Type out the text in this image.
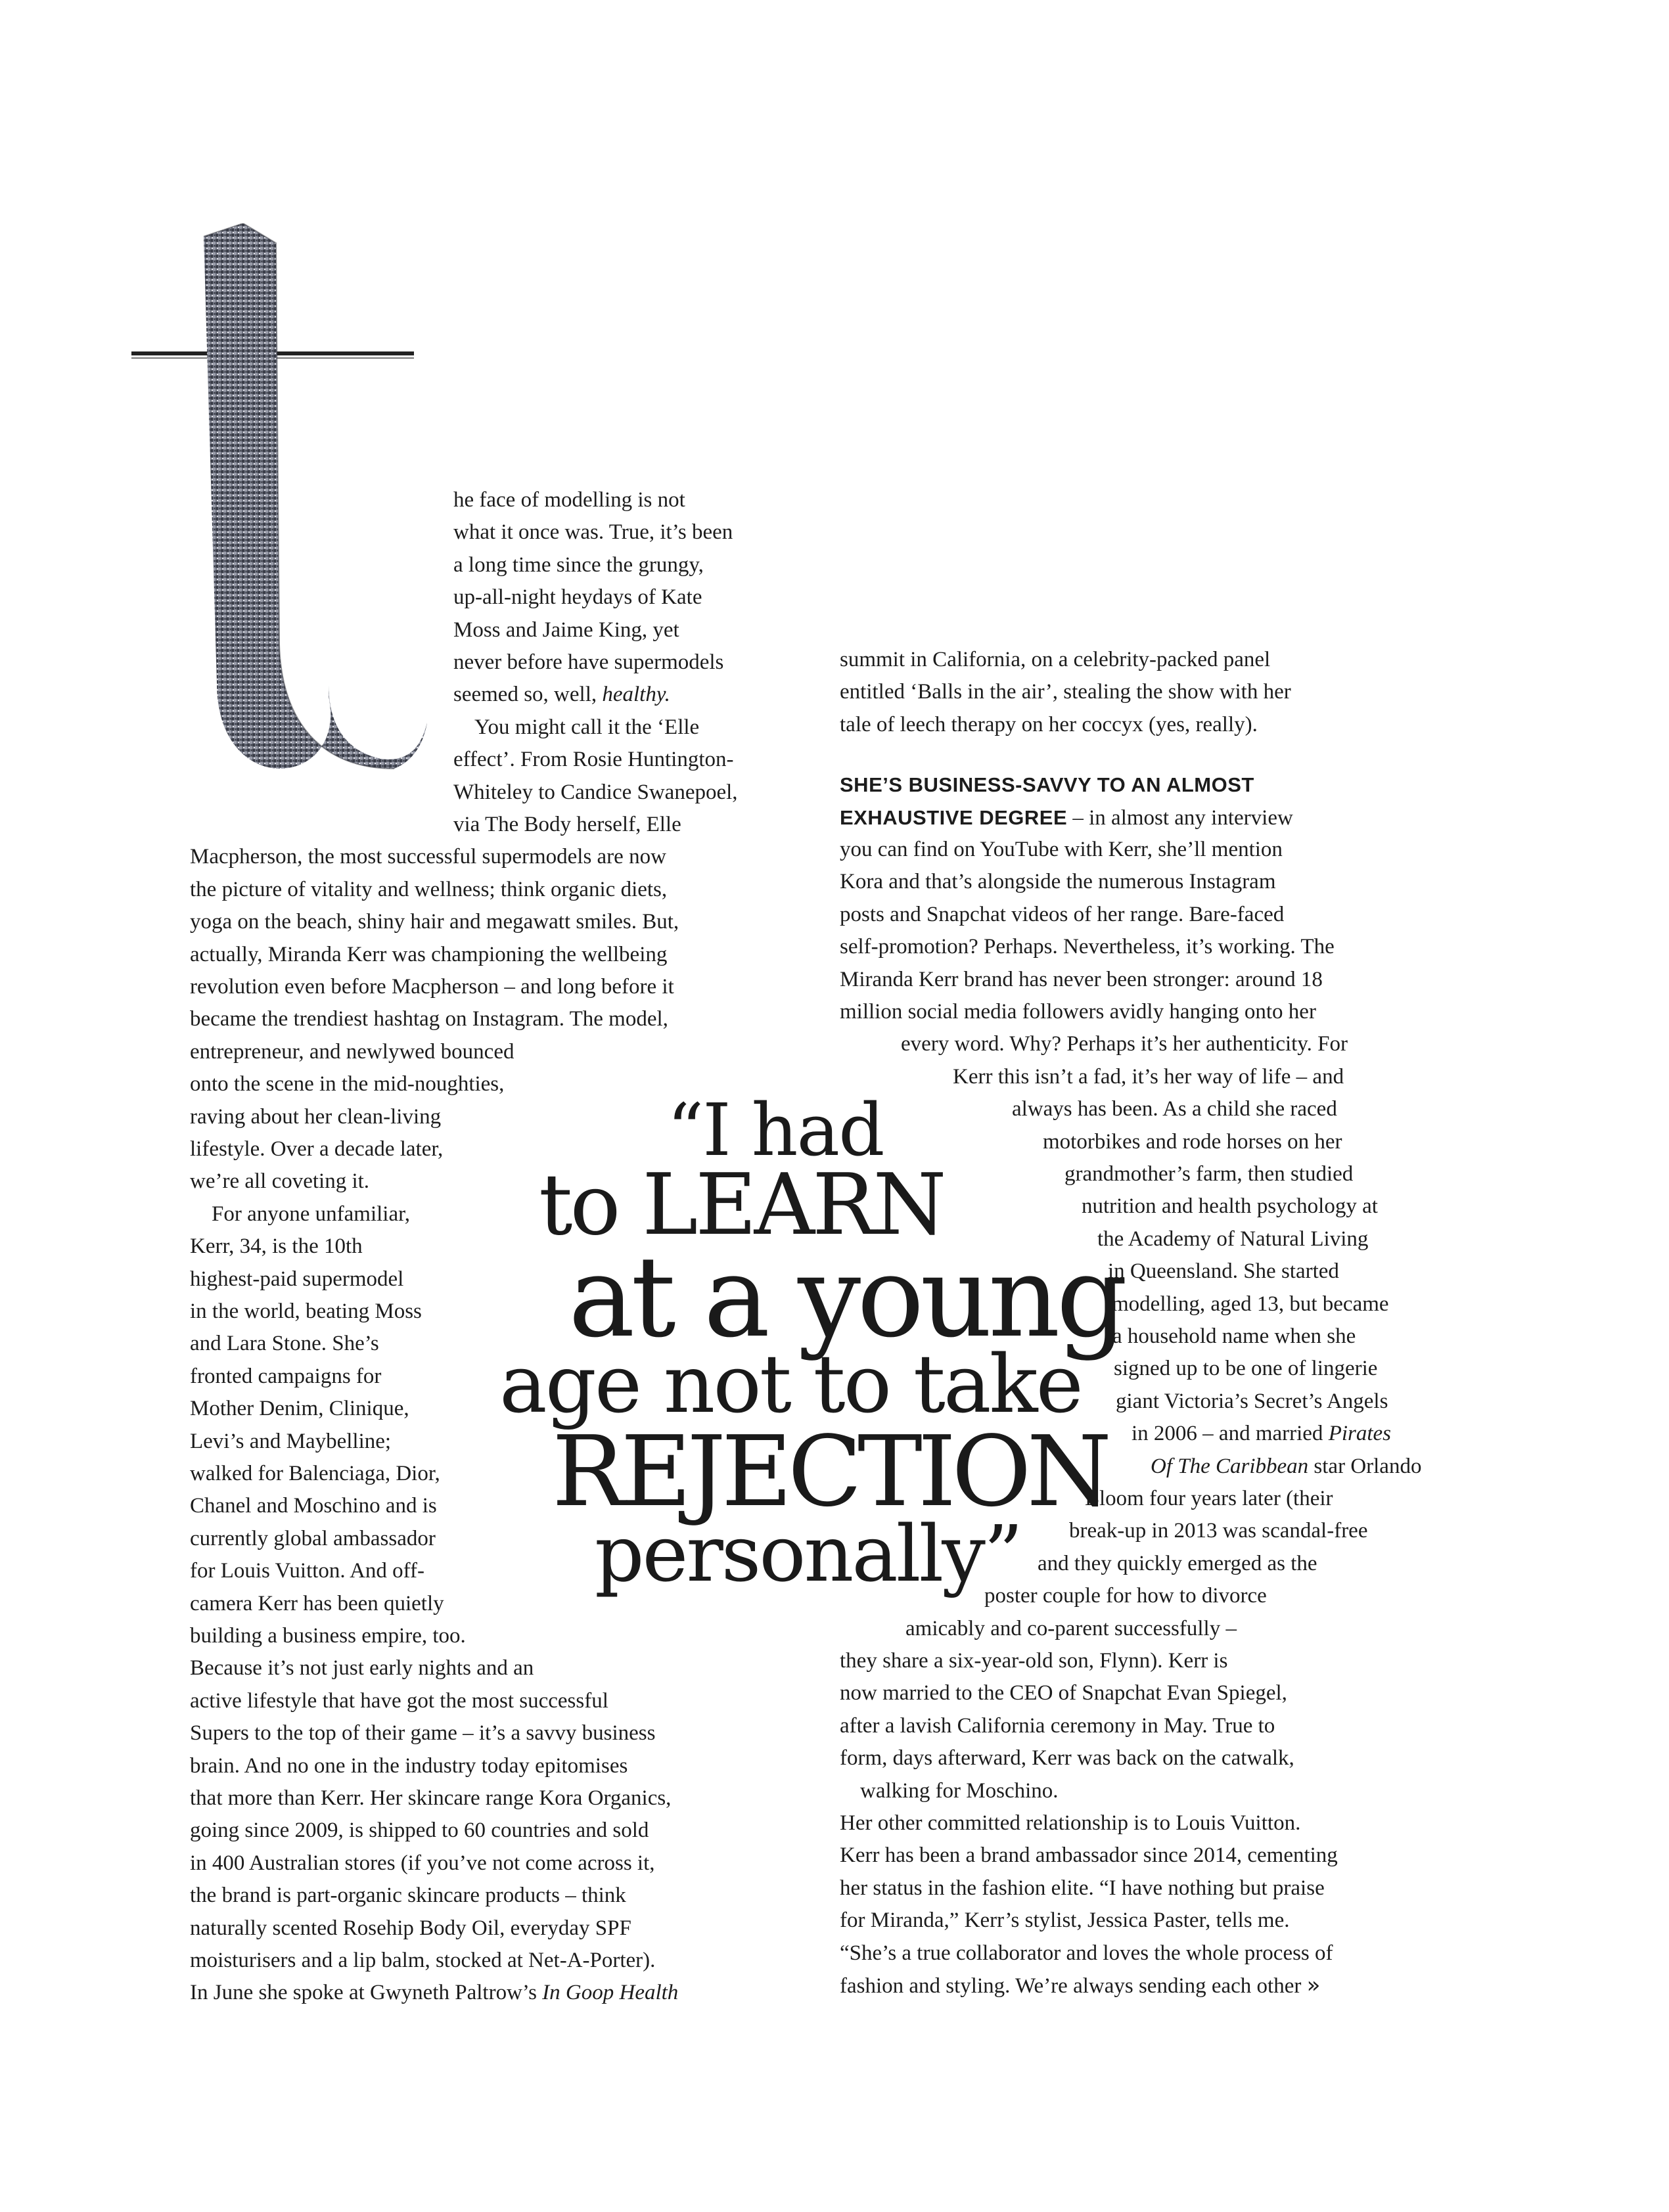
he face of modelling is not
what it once was. True, it’s been
a long time since the grungy,
up-all-night heydays of Kate
Moss and Jaime King, yet
never before have supermodels
seemed so, well, healthy.
You might call it the ‘Elle
effect’. From Rosie Huntington-
Whiteley to Candice Swanepoel,
via The Body herself, Elle
Macpherson, the most successful supermodels are now
the picture of vitality and wellness; think organic diets,
yoga on the beach, shiny hair and megawatt smiles. But,
actually, Miranda Kerr was championing the wellbeing
revolution even before Macpherson – and long before it
became the trendiest hashtag on Instagram. The model,
entrepreneur, and newlywed bounced
onto the scene in the mid-noughties,
raving about her clean-living
lifestyle. Over a decade later,
we’re all coveting it.
For anyone unfamiliar,
Kerr, 34, is the 10th
highest-paid supermodel
in the world, beating Moss
and Lara Stone. She’s
fronted campaigns for
Mother Denim, Clinique,
Levi’s and Maybelline;
walked for Balenciaga, Dior,
Chanel and Moschino and is
currently global ambassador
for Louis Vuitton. And off-
camera Kerr has been quietly
building a business empire, too.
Because it’s not just early nights and an
active lifestyle that have got the most successful
Supers to the top of their game – it’s a savvy business
brain. And no one in the industry today epitomises
that more than Kerr. Her skincare range Kora Organics,
going since 2009, is shipped to 60 countries and sold
in 400 Australian stores (if you’ve not come across it,
the brand is part-organic skincare products – think
naturally scented Rosehip Body Oil, everyday SPF
moisturisers and a lip balm, stocked at Net-A-Porter).
In June she spoke at Gwyneth Paltrow’s In Goop Health
summit in California, on a celebrity-packed panel
entitled ‘Balls in the air’, stealing the show with her
tale of leech therapy on her coccyx (yes, really).
SHE’S BUSINESS-SAVVY TO AN ALMOST
EXHAUSTIVE DEGREE – in almost any interview
you can find on YouTube with Kerr, she’ll mention
Kora and that’s alongside the numerous Instagram
posts and Snapchat videos of her range. Bare-faced
self-promotion? Perhaps. Nevertheless, it’s working. The
Miranda Kerr brand has never been stronger: around 18
million social media followers avidly hanging onto her
every word. Why? Perhaps it’s her authenticity. For
Kerr this isn’t a fad, it’s her way of life – and
always has been. As a child she raced
motorbikes and rode horses on her
grandmother’s farm, then studied
nutrition and health psychology at
the Academy of Natural Living
in Queensland. She started
modelling, aged 13, but became
a household name when she
signed up to be one of lingerie
giant Victoria’s Secret’s Angels
in 2006 – and married Pirates
Of The Caribbean star Orlando
Bloom four years later (their
break-up in 2013 was scandal-free
and they quickly emerged as the
poster couple for how to divorce
amicably and co-parent successfully –
they share a six-year-old son, Flynn). Kerr is
now married to the CEO of Snapchat Evan Spiegel,
after a lavish California ceremony in May. True to
form, days afterward, Kerr was back on the catwalk,
walking for Moschino.
Her other committed relationship is to Louis Vuitton.
Kerr has been a brand ambassador since 2014, cementing
her status in the fashion elite. “I have nothing but praise
for Miranda,” Kerr’s stylist, Jessica Paster, tells me.
“She’s a true collaborator and loves the whole process of
fashion and styling. We’re always sending each other »
“I had
to LEARN
at a young
age not to take
REJECTION
personally”
